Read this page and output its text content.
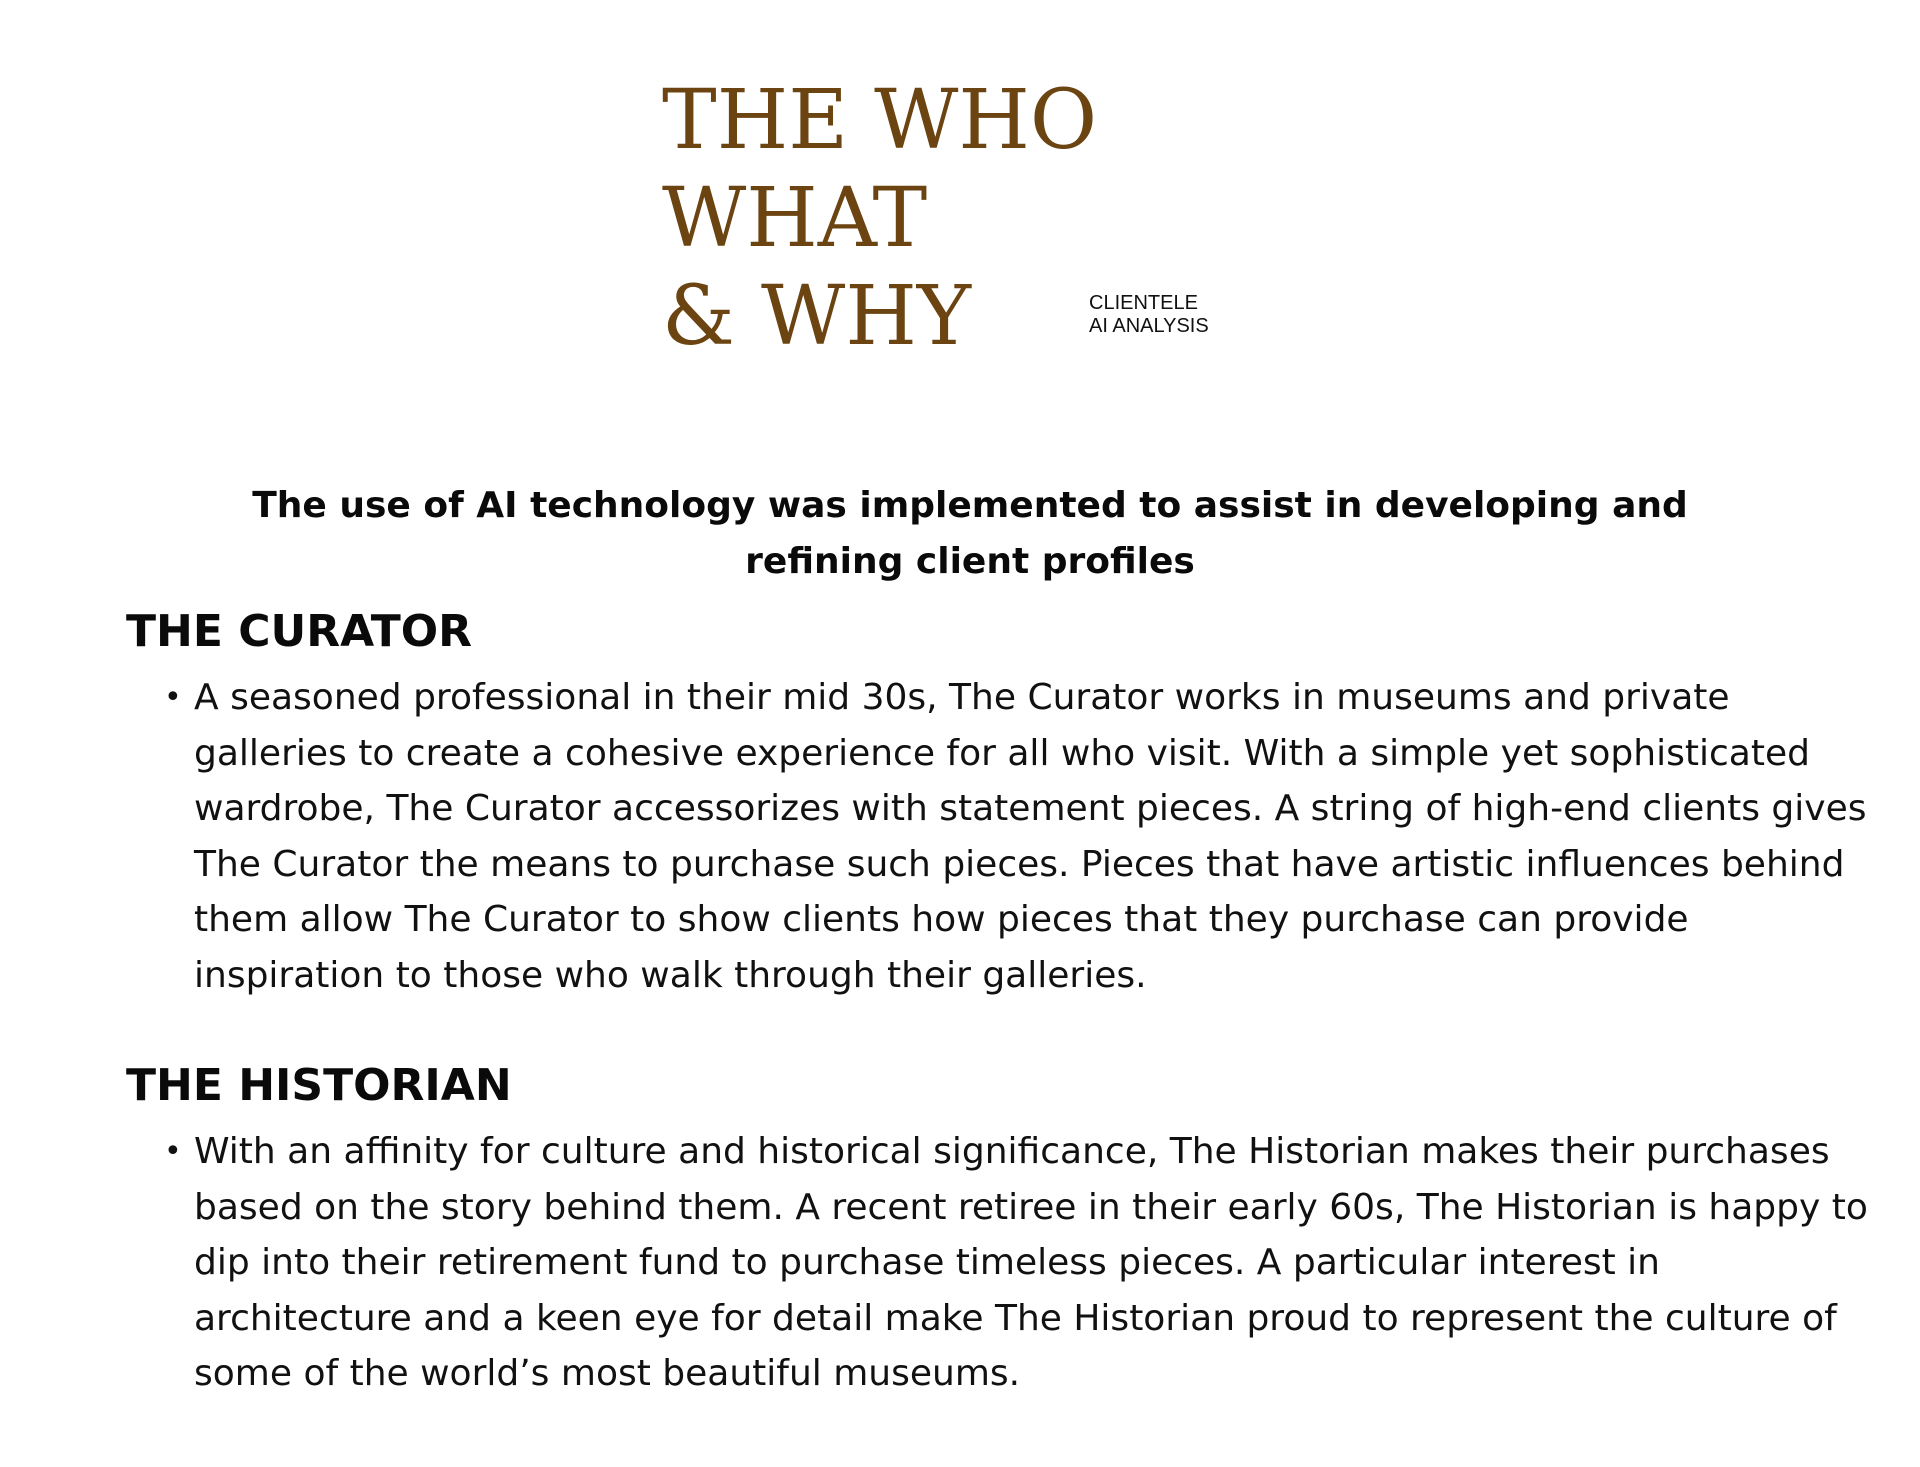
THE WHO
WHAT
& WHY	CLIENTELE
AI ANALYSIS

The use of AI technology was implemented to assist in developing and refining client profiles

THE CURATOR
• A seasoned professional in their mid 30s, The Curator works in museums and private galleries to create a cohesive experience for all who visit. With a simple yet sophisticated wardrobe, The Curator accessorizes with statement pieces. A string of high-end clients gives The Curator the means to purchase such pieces. Pieces that have artistic influences behind them allow The Curator to show clients how pieces that they purchase can provide inspiration to those who walk through their galleries.
THE HISTORIAN
• With an affinity for culture and historical significance, The Historian makes their purchases based on the story behind them. A recent retiree in their early 60s, The Historian is happy to dip into their retirement fund to purchase timeless pieces. A particular interest in architecture and a keen eye for detail make The Historian proud to represent the culture of some of the world’s most beautiful museums.
